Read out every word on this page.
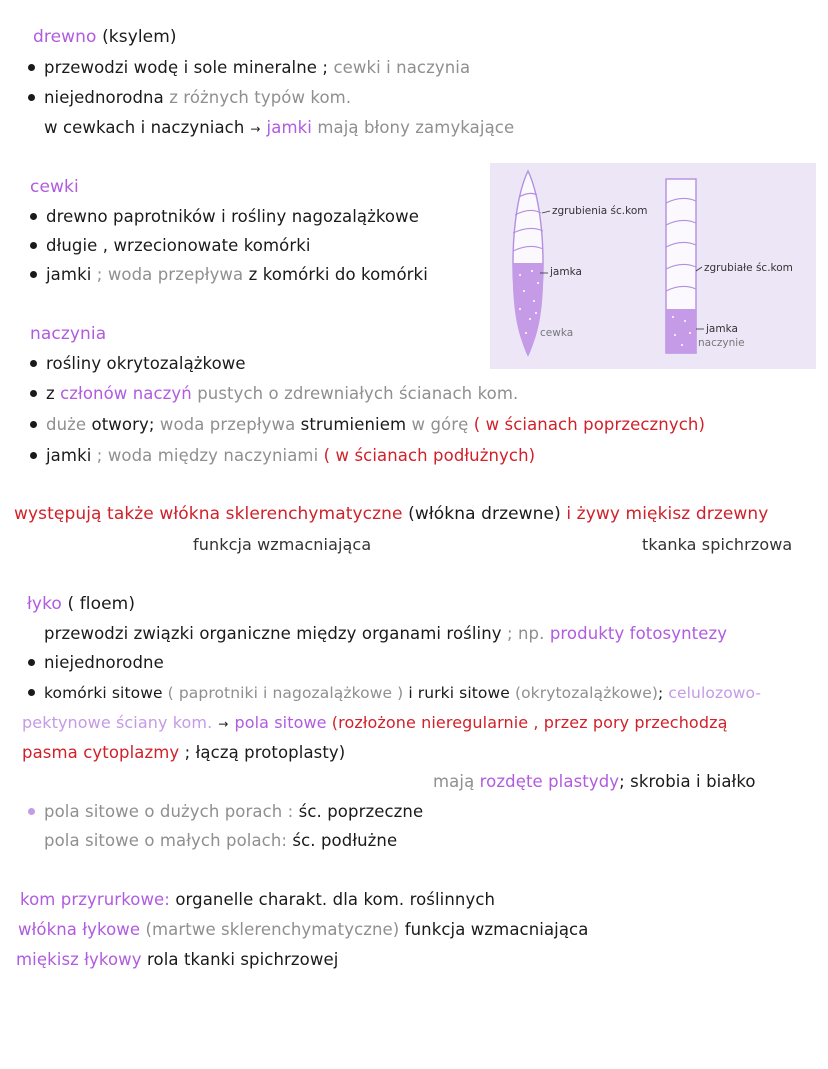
drewno (ksylem)
przewodzi wodę i sole mineralne ; cewki i naczynia
niejednorodna z różnych typów kom.
w cewkach i naczyniach → jamki mają błony zamykające
cewki
drewno paprotników i rośliny nagozalążkowe
długie , wrzecionowate komórki
jamki ; woda przepływa z komórki do komórki
zgrubienia śc.kom
jamka
cewka
zgrubiałe śc.kom
jamka
naczynie
naczynia
rośliny okrytozalążkowe
z członów naczyń pustych o zdrewniałych ścianach kom.
duże otwory; woda przepływa strumieniem w górę ( w ścianach poprzecznych)
jamki ; woda między naczyniami ( w ścianach podłużnych)
występują także włókna sklerenchymatyczne (włókna drzewne) i żywy miękisz drzewny
funkcja wzmacniająca	tkanka spichrzowa
łyko ( floem)
przewodzi związki organiczne między organami rośliny ; np. produkty fotosyntezy
niejednorodne
komórki sitowe ( paprotniki i nagozalążkowe ) i rurki sitowe (okrytozalążkowe); celulozowo-
pektynowe ściany kom. → pola sitowe (rozłożone nieregularnie , przez pory przechodzą
pasma cytoplazmy ; łączą protoplasty)
mają rozdęte plastydy; skrobia i białko
pola sitowe o dużych porach : śc. poprzeczne
pola sitowe o małych polach: śc. podłużne
kom przyrurkowe: organelle charakt. dla kom. roślinnych
włókna łykowe (martwe sklerenchymatyczne) funkcja wzmacniająca
miękisz łykowy rola tkanki spichrzowej
